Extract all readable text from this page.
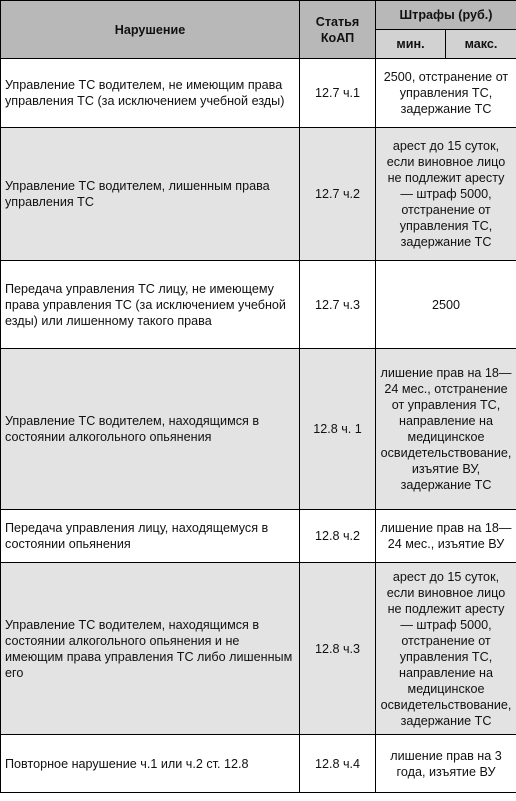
Нарушение	Статья КоАП	Штрафы (руб.)	
		мин.	макс.
Управление ТС водителем, не имеющим права управления ТС (за исключением учебной езды)	12.7 ч.1	2500, отстранение от управления ТС, задержание ТС	
Управление ТС водителем, лишенным права управления ТС	12.7 ч.2	арест до 15 суток, если виновное лицо не подлежит аресту — штраф 5000, отстранение от управления ТС, задержание ТС	
Передача управления ТС лицу, не имеющему права управления ТС (за исключением учебной езды) или лишенному такого права	12.7 ч.3	2500	
Управление ТС водителем, находящимся в состоянии алкогольного опьянения	12.8 ч. 1	лишение прав на 18—24 мес., отстранение от управления ТС, направление на медицинское освидетельствование, изъятие ВУ, задержание ТС	
Передача управления лицу, находящемуся в состоянии опьянения	12.8 ч.2	лишение прав на 18—24 мес., изъятие ВУ	
Управление ТС водителем, находящимся в состоянии алкогольного опьянения и не имеющим права управления ТС либо лишенным его	12.8 ч.3	арест до 15 суток, если виновное лицо не подлежит аресту — штраф 5000, отстранение от управления ТС, направление на медицинское освидетельствование, задержание ТС	
Повторное нарушение ч.1 или ч.2 ст. 12.8	12.8 ч.4	лишение прав на 3 года, изъятие ВУ	
